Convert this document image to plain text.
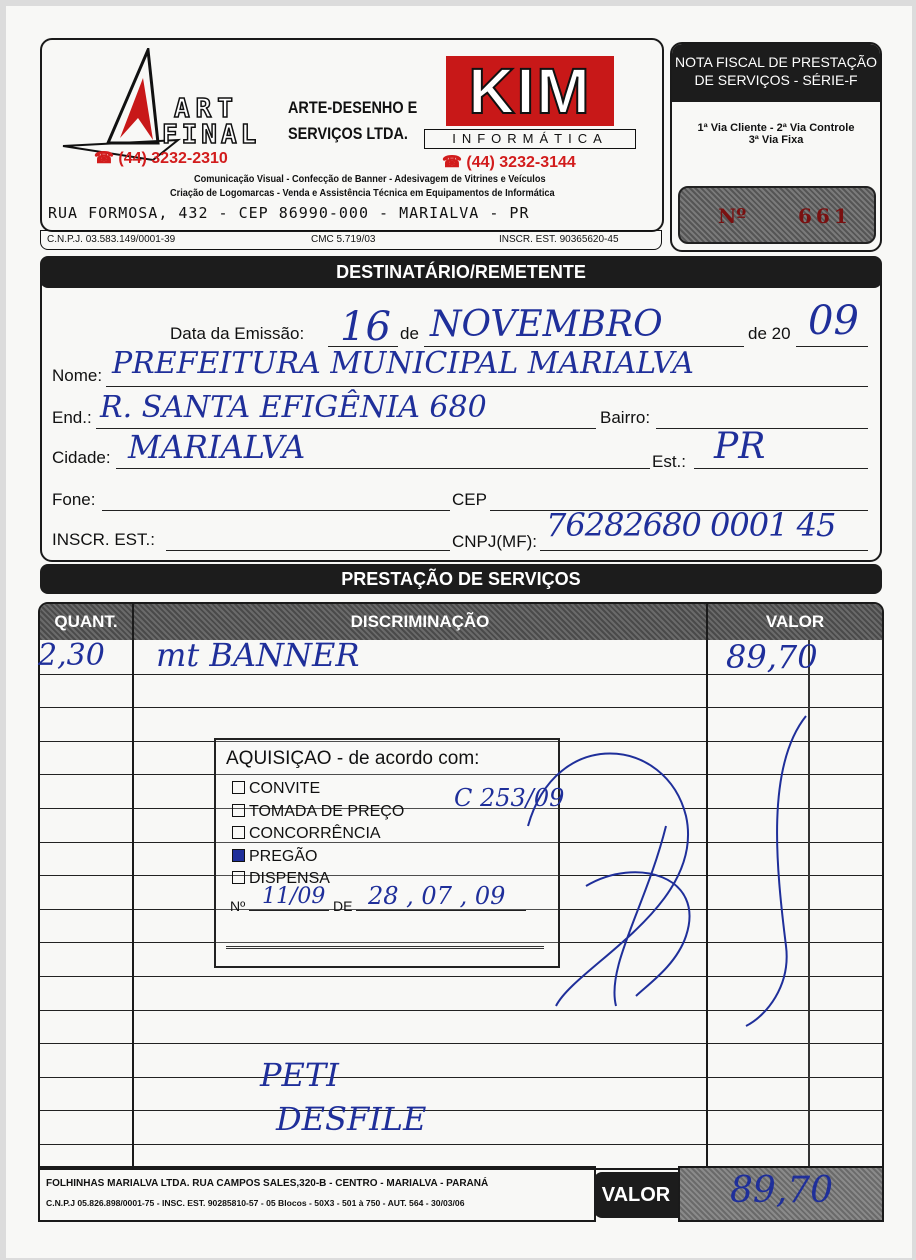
ART
FINAL
ARTE-DESENHO E
SERVIÇOS LTDA.
☎ (44) 3232-2310
KIM
INFORMÁTICA
☎ (44) 3232-3144
Comunicação Visual - Confecção de Banner - Adesivagem de Vitrines e Veículos
Criação de Logomarcas - Venda e Assistência Técnica em Equipamentos de Informática
RUA FORMOSA, 432 - CEP 86990-000 - MARIALVA - PR
C.N.P.J. 03.583.149/0001-39	CMC 5.719/03	INSCR. EST. 90365620-45
NOTA FISCAL DE PRESTAÇÃO
DE SERVIÇOS - SÉRIE-F
1ª Via Cliente - 2ª Via Controle
3ª Via Fixa
Nº	661
DESTINATÁRIO/REMETENTE
Data da Emissão: 16 de NOVEMBRO	de 20 09
Nome: PREFEITURA MUNICIPAL MARIALVA
End.: R. SANTA EFIGÊNIA 680	Bairro:
Cidade: MARIALVA	Est.: PR
Fone:	CEP
INSCR. EST.:	CNPJ(MF): 76282680 0001 45
PRESTAÇÃO DE SERVIÇOS
QUANT.	DISCRIMINAÇÃO	VALOR
2,30 mt BANNER	89,70
AQUISIÇAO - de acordo com:
CONVITE
TOMADA DE PREÇO
CONCORRÊNCIA
PREGÃO
DISPENSA
Nº	DE
11/09 28 , 07 , 09
C 253/09
PETI
DESFILE
FOLHINHAS MARIALVA LTDA. RUA CAMPOS SALES,320-B - CENTRO - MARIALVA - PARANÁ
C.N.P.J 05.826.898/0001-75 - INSC. EST. 90285810-57 - 05 Blocos - 50X3 - 501 à 750 - AUT. 564 - 30/03/06	VALOR 89,70
